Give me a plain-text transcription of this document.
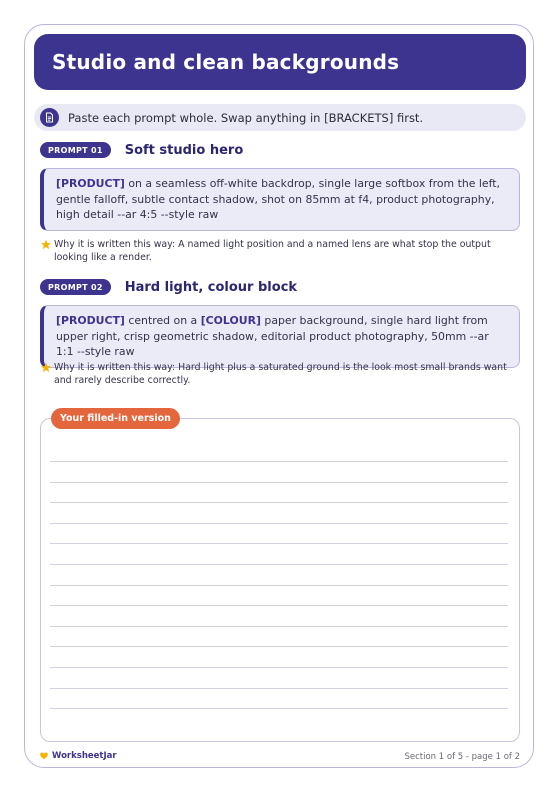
Studio and clean backgrounds
Paste each prompt whole. Swap anything in [BRACKETS] first.
PROMPT 01	Soft studio hero
[PRODUCT] on a seamless off-white backdrop, single large softbox from the left, gentle falloff, subtle contact shadow, shot on 85mm at f4, product photography, high detail --ar 4:5 --style raw
Why it is written this way: A named light position and a named lens are what stop the output looking like a render.
PROMPT 02	Hard light, colour block
[PRODUCT] centred on a [COLOUR] paper background, single hard light from upper right, crisp geometric shadow, editorial product photography, 50mm --ar 1:1 --style raw
Why it is written this way: Hard light plus a saturated ground is the look most small brands want and rarely describe correctly.
Your filled-in version
WorksheetJar	Section 1 of 5 - page 1 of 2
